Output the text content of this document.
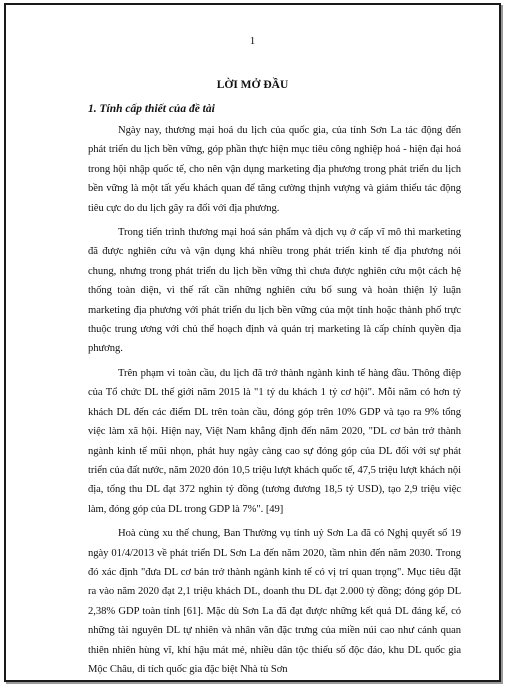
1
LỜI MỞ ĐẦU
1. Tính cấp thiết của đề tài

Ngày nay, thương mại hoá du lịch của quốc gia, của tỉnh Sơn La tác động đến phát triển du lịch bền vững, góp phần thực hiện mục tiêu công nghiệp hoá - hiện đại hoá trong hội nhập quốc tế, cho nên vận dụng marketing địa phương trong phát triển du lịch bền vững là một tất yếu khách quan để tăng cường thịnh vượng và giảm thiểu tác động tiêu cực do du lịch gây ra đối với địa phương.

Trong tiến trình thương mại hoá sản phẩm và dịch vụ ở cấp vĩ mô thì marketing đã được nghiên cứu và vận dụng khá nhiều trong phát triển kinh tế địa phương nói chung, nhưng trong phát triển du lịch bền vững thì chưa được nghiên cứu một cách hệ thống toàn diện, vì thế rất cần những nghiên cứu bổ sung và hoàn thiện lý luận marketing địa phương với phát triển du lịch bền vững của một tỉnh hoặc thành phố trực thuộc trung ương với chủ thể hoạch định và quản trị marketing là cấp chính quyền địa phương.

Trên phạm vi toàn cầu, du lịch đã trở thành ngành kinh tế hàng đầu. Thông điệp của Tổ chức DL thế giới năm 2015 là "1 tỷ du khách 1 tỷ cơ hội". Mỗi năm có hơn tỷ khách DL đến các điểm DL trên toàn cầu, đóng góp trên 10% GDP và tạo ra 9% tổng việc làm xã hội. Hiện nay, Việt Nam khẳng định đến năm 2020, "DL cơ bản trở thành ngành kinh tế mũi nhọn, phát huy ngày càng cao sự đóng góp của DL đối với sự phát triển của đất nước, năm 2020 đón 10,5 triệu lượt khách quốc tế, 47,5 triệu lượt khách nội địa, tổng thu DL đạt 372 nghìn tỷ đồng (tương đương 18,5 tỷ USD), tạo 2,9 triệu việc làm, đóng góp của DL trong GDP là 7%". [49]

Hoà cùng xu thế chung, Ban Thường vụ tỉnh uỷ Sơn La đã có Nghị quyết số 19 ngày 01/4/2013 về phát triển DL Sơn La đến năm 2020, tầm nhìn đến năm 2030. Trong đó xác định "đưa DL cơ bản trở thành ngành kinh tế có vị trí quan trọng". Mục tiêu đặt ra vào năm 2020 đạt 2,1 triệu khách DL, doanh thu DL đạt 2.000 tỷ đồng; đóng góp DL 2,38% GDP toàn tỉnh [61]. Mặc dù Sơn La đã đạt được những kết quả DL đáng kể, có những tài nguyên DL tự nhiên và nhân văn đặc trưng của miền núi cao như cảnh quan thiên nhiên hùng vĩ, khí hậu mát mẻ, nhiều dân tộc thiểu số độc đáo, khu DL quốc gia Mộc Châu, di tích quốc gia đặc biệt Nhà tù Sơn
